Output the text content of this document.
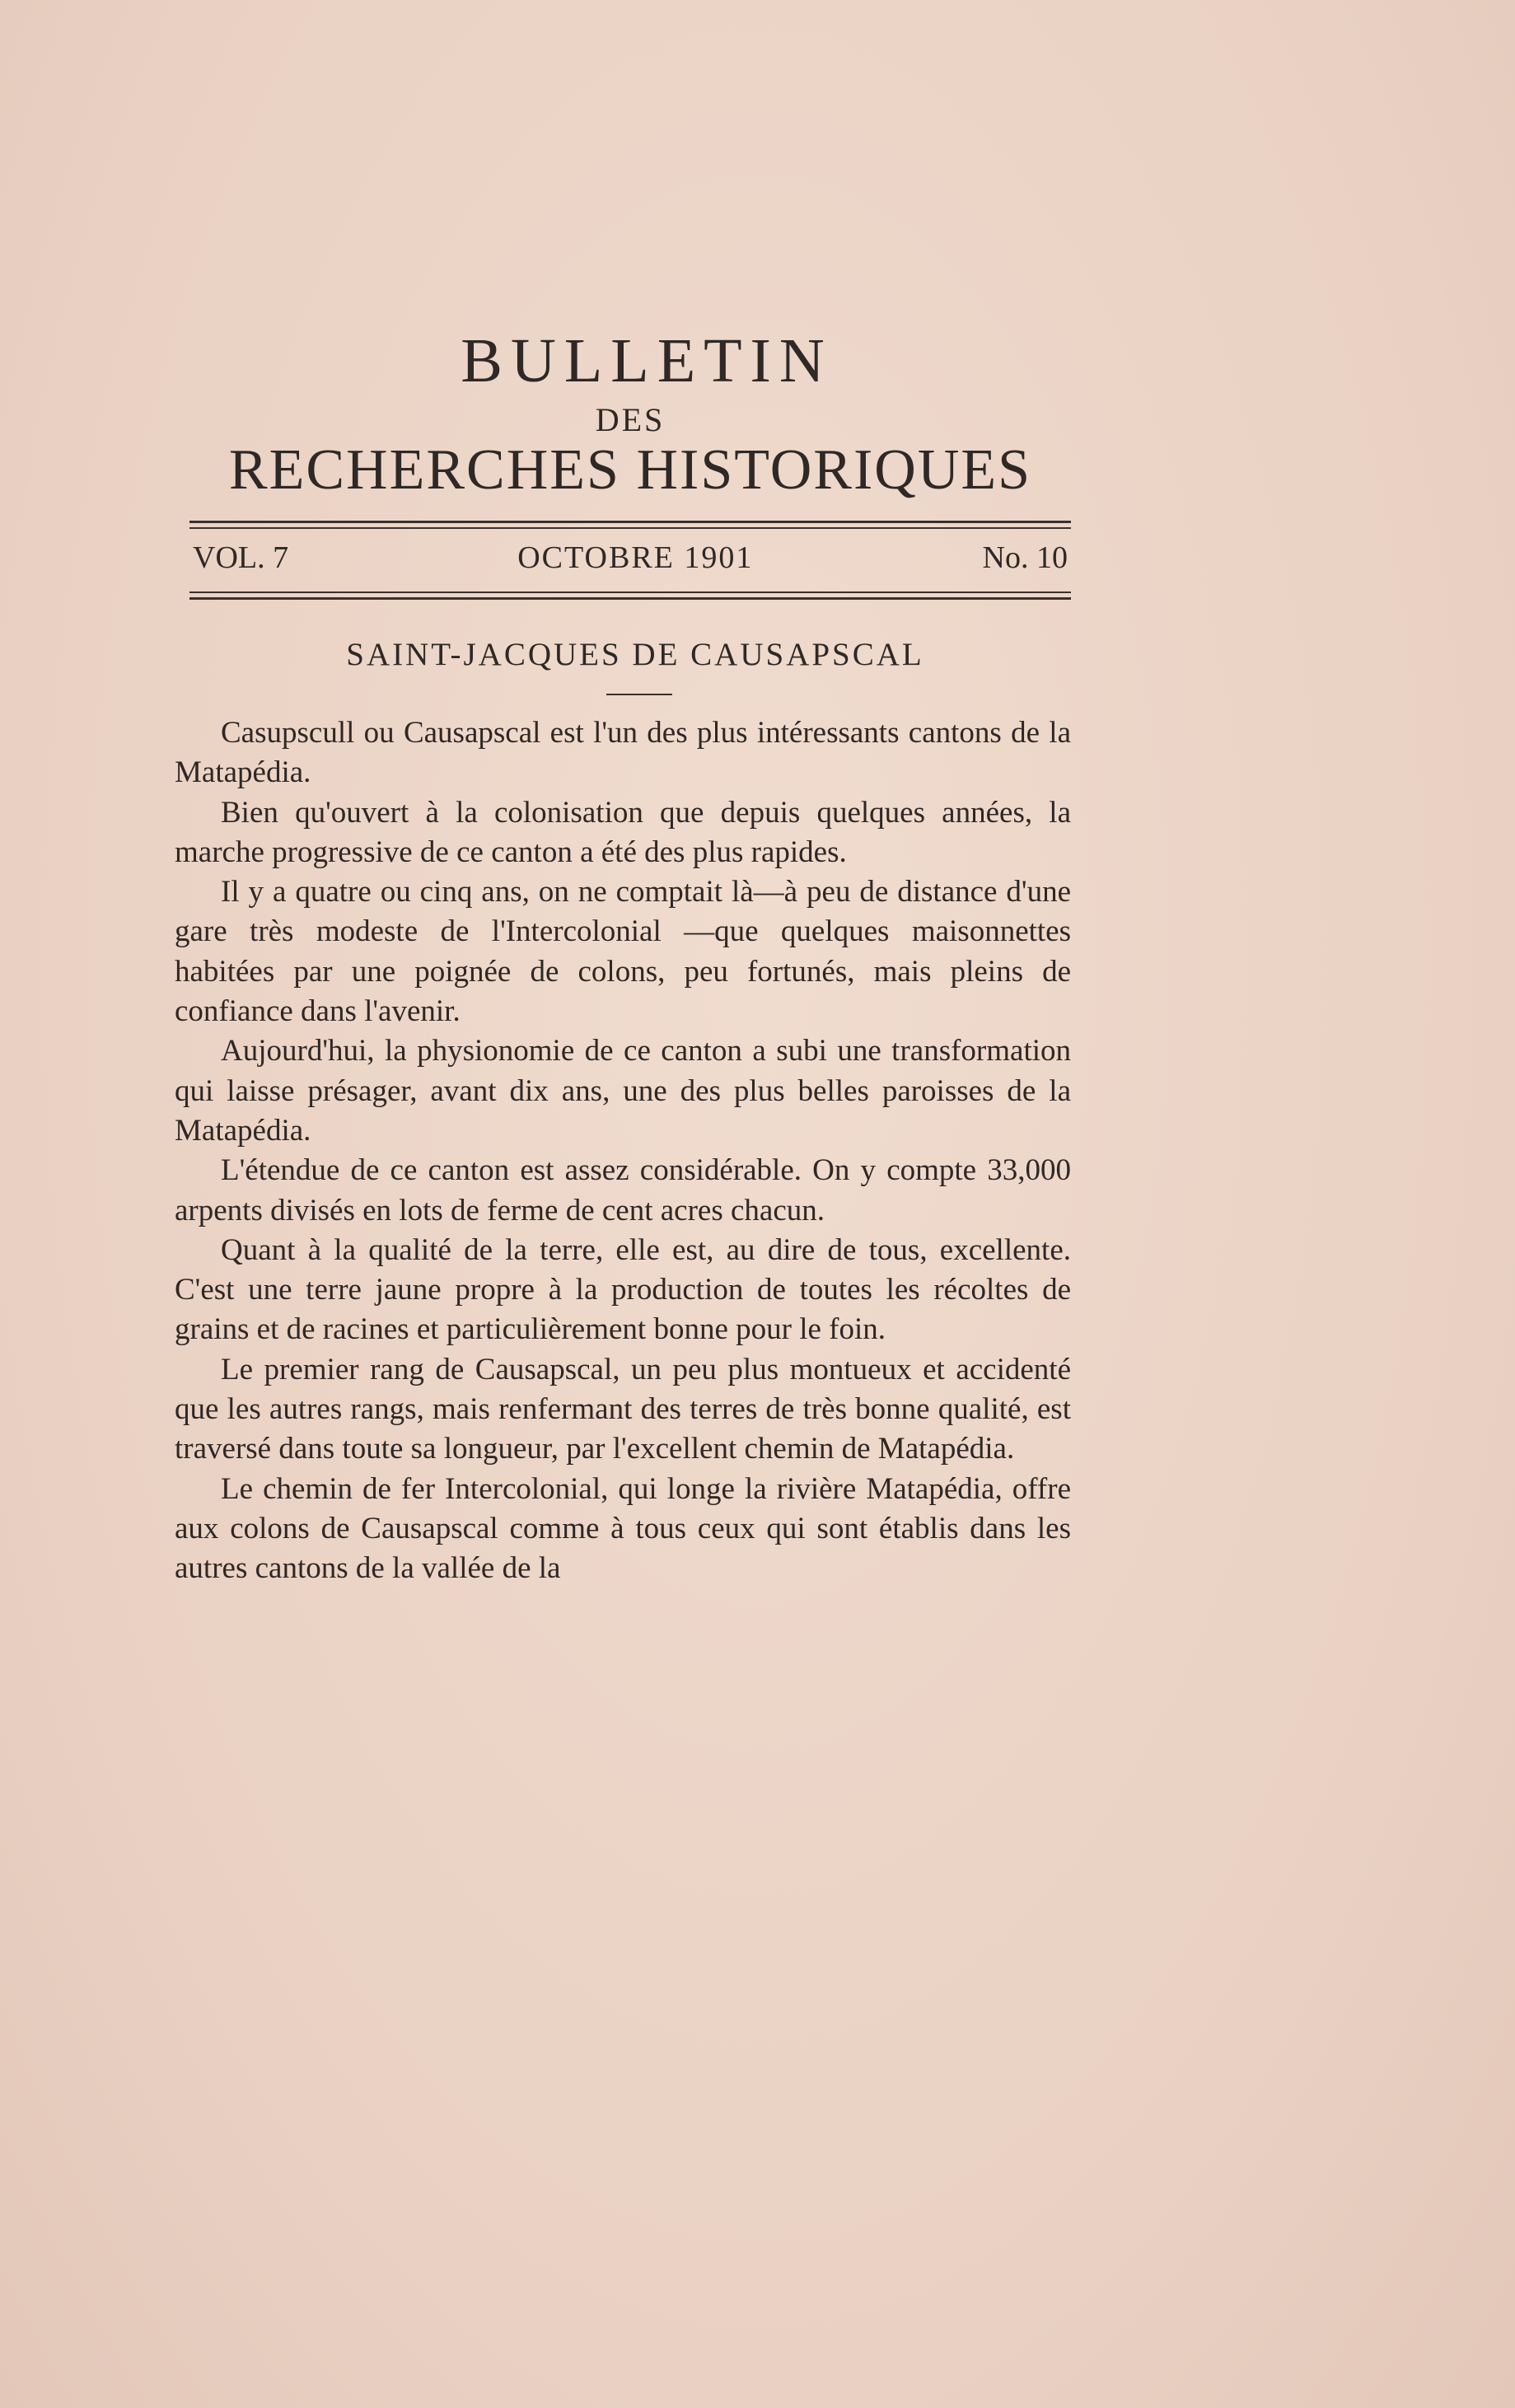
BULLETIN
DES
RECHERCHES HISTORIQUES
VOL. 7	OCTOBRE 1901	No. 10
SAINT-JACQUES DE CAUSAPSCAL

Casupscull ou Causapscal est l'un des plus intéressants cantons de la Matapédia.

Bien qu'ouvert à la colonisation que depuis quelques années, la marche progressive de ce canton a été des plus rapides.

Il y a quatre ou cinq ans, on ne comptait là—à peu de distance d'une gare très modeste de l'Intercolonial —que quelques maisonnettes habitées par une poignée de colons, peu fortunés, mais pleins de confiance dans l'avenir.

Aujourd'hui, la physionomie de ce canton a subi une transformation qui laisse présager, avant dix ans, une des plus belles paroisses de la Matapédia.

L'étendue de ce canton est assez considérable. On y compte 33,000 arpents divisés en lots de ferme de cent acres chacun.

Quant à la qualité de la terre, elle est, au dire de tous, excellente. C'est une terre jaune propre à la production de toutes les récoltes de grains et de racines et particulièrement bonne pour le foin.

Le premier rang de Causapscal, un peu plus montueux et accidenté que les autres rangs, mais renfermant des terres de très bonne qualité, est traversé dans toute sa longueur, par l'excellent chemin de Matapédia.

Le chemin de fer Intercolonial, qui longe la rivière Matapédia, offre aux colons de Causapscal comme à tous ceux qui sont établis dans les autres cantons de la vallée de la
